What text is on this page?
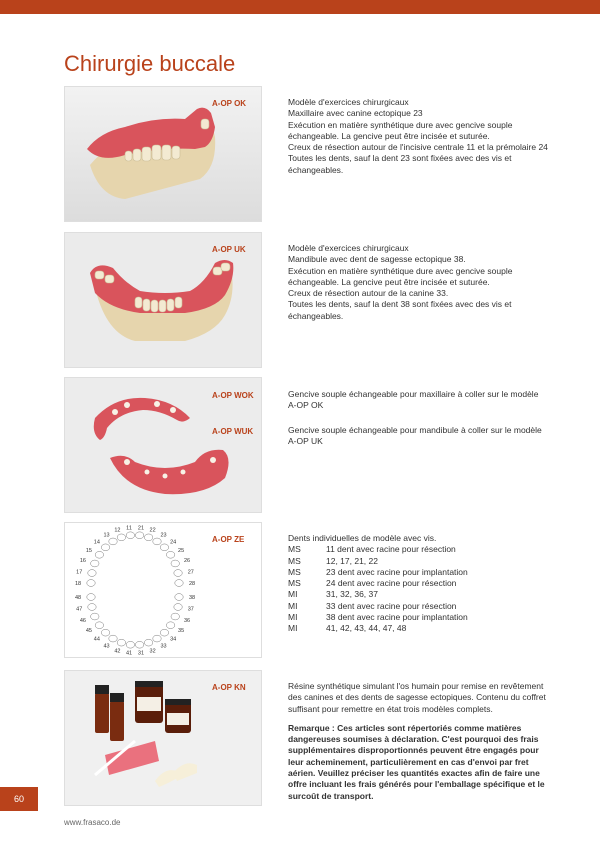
Chirurgie buccale
18
17
16
15
14
13
12 11 21 22
23
24
25
26
27
28
48
47
46
45
44
43
42 41 31 32
33
34
35
36
37
38
A-OP OK	Modèle d'exercices chirurgicaux
Maxillaire avec canine ectopique 23
Exécution en matière synthétique dure avec gencive souple
échangeable. La gencive peut être incisée et suturée.
Creux de résection autour de l'incisive centrale 11 et la prémolaire 24
Toutes les dents, sauf la dent 23 sont fixées avec des vis et
échangeables.
A-OP UK	Modèle d'exercices chirurgicaux
Mandibule avec dent de sagesse ectopique 38.
Exécution en matière synthétique dure avec gencive souple
échangeable. La gencive peut être incisée et suturée.
Creux de résection autour de la canine 33.
Toutes les dents, sauf la dent 38 sont fixées avec des vis et
échangeables.
A-OP WOK	Gencive souple échangeable pour maxillaire à coller sur le modèle
A-OP OK
A-OP WUK	Gencive souple échangeable pour mandibule à coller sur le modèle
A-OP UK
A-OP ZE	Dents individuelles de modèle avec vis.
MS	11 dent avec racine pour résection
MS	12, 17, 21, 22
MS	23 dent avec racine pour implantation
MS	24 dent avec racine pour résection
MI	31, 32, 36, 37
MI	33 dent avec racine pour résection
MI	38 dent avec racine pour implantation
MI	41, 42, 43, 44, 47, 48
A-OP KN	Résine synthétique simulant l'os humain pour remise en revêtement
des canines et des dents de sagesse ectopiques. Contenu du coffret
suffisant pour remettre en état trois modèles complets.
Remarque : Ces articles sont répertoriés comme matières
dangereuses soumises à déclaration. C'est pourquoi des frais
supplémentaires disproportionnés peuvent être engagés pour
leur acheminement, particulièrement en cas d'envoi par fret
aérien. Veuillez préciser les quantités exactes afin de faire une
offre incluant les frais générés pour l'emballage spécifique et le
surcoût de transport.
60
www.frasaco.de
